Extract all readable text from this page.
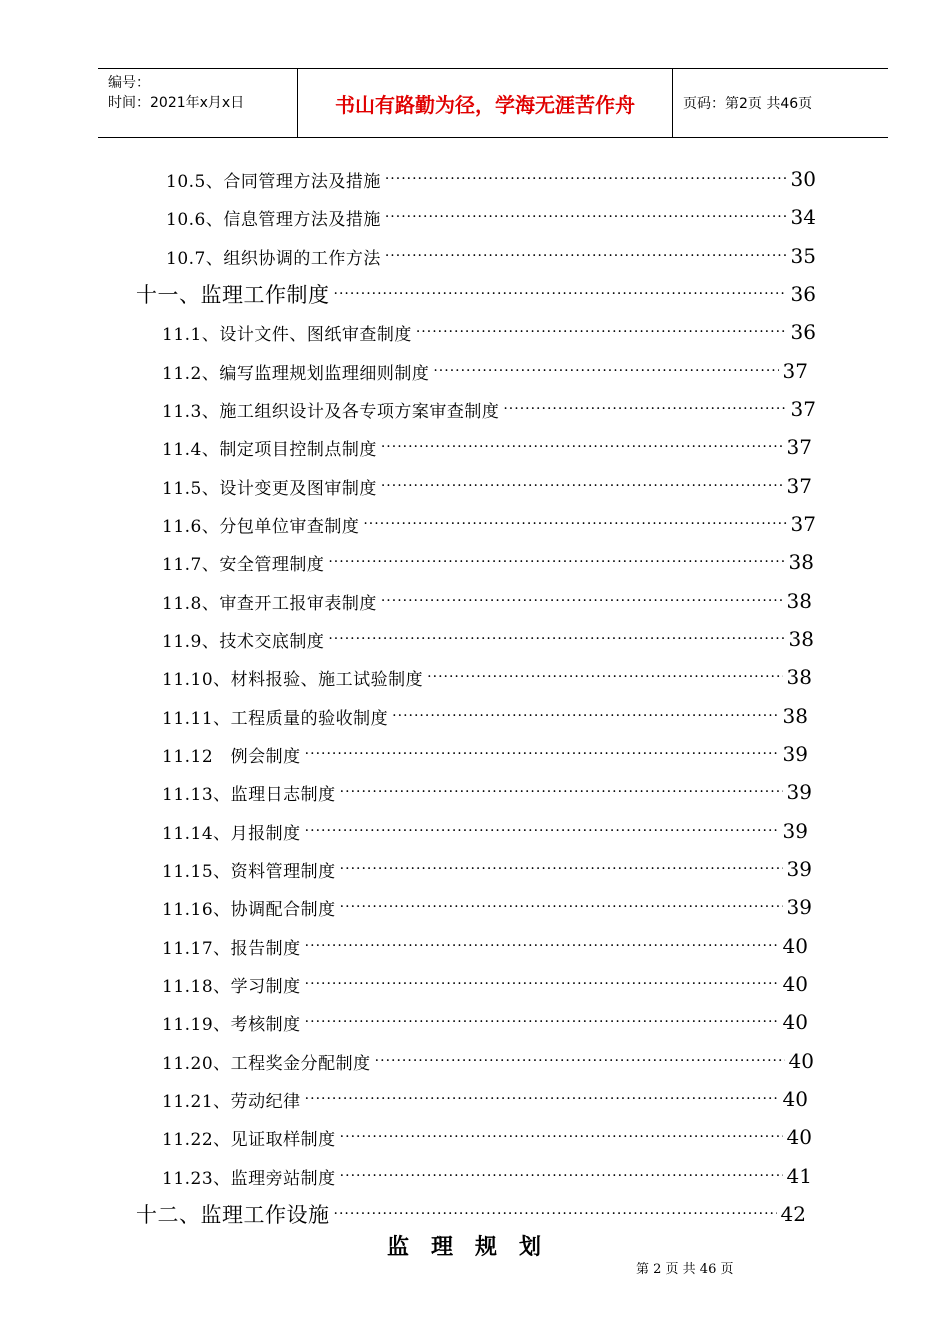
编号：
时间：2021年x月x日	书山有路勤为径，学海无涯苦作舟	页码：第2页 共46页
10.5、合同管理方法及措施 ·····	30
10.6、信息管理方法及措施 ·····	34
10.7、组织协调的工作方法 ·····	35
十一、监理工作制度 ·····	36
11.1、设计文件、图纸审查制度 ·····	36
11.2、编写监理规划监理细则制度 ·····	37
11.3、施工组织设计及各专项方案审查制度 ·····	37
11.4、制定项目控制点制度 ·····	37
11.5、设计变更及图审制度 ·····	37
11.6、分包单位审查制度 ·····	37
11.7、安全管理制度 ·····	38
11.8、审查开工报审表制度 ·····	38
11.9、技术交底制度 ·····	38
11.10、材料报验、施工试验制度 ·····	38
11.11、工程质量的验收制度 ·····	38
11.12　例会制度 ·····	39
11.13、监理日志制度 ·····	39
11.14、月报制度 ·····	39
11.15、资料管理制度 ·····	39
11.16、协调配合制度 ·····	39
11.17、报告制度 ·····	40
11.18、学习制度 ·····	40
11.19、考核制度 ·····	40
11.20、工程奖金分配制度 ·····	40
11.21、劳动纪律 ·····	40
11.22、见证取样制度 ·····	40
11.23、监理旁站制度 ·····	41
十二、监理工作设施 ·····	42
监理规划
第 2 页 共 46 页
